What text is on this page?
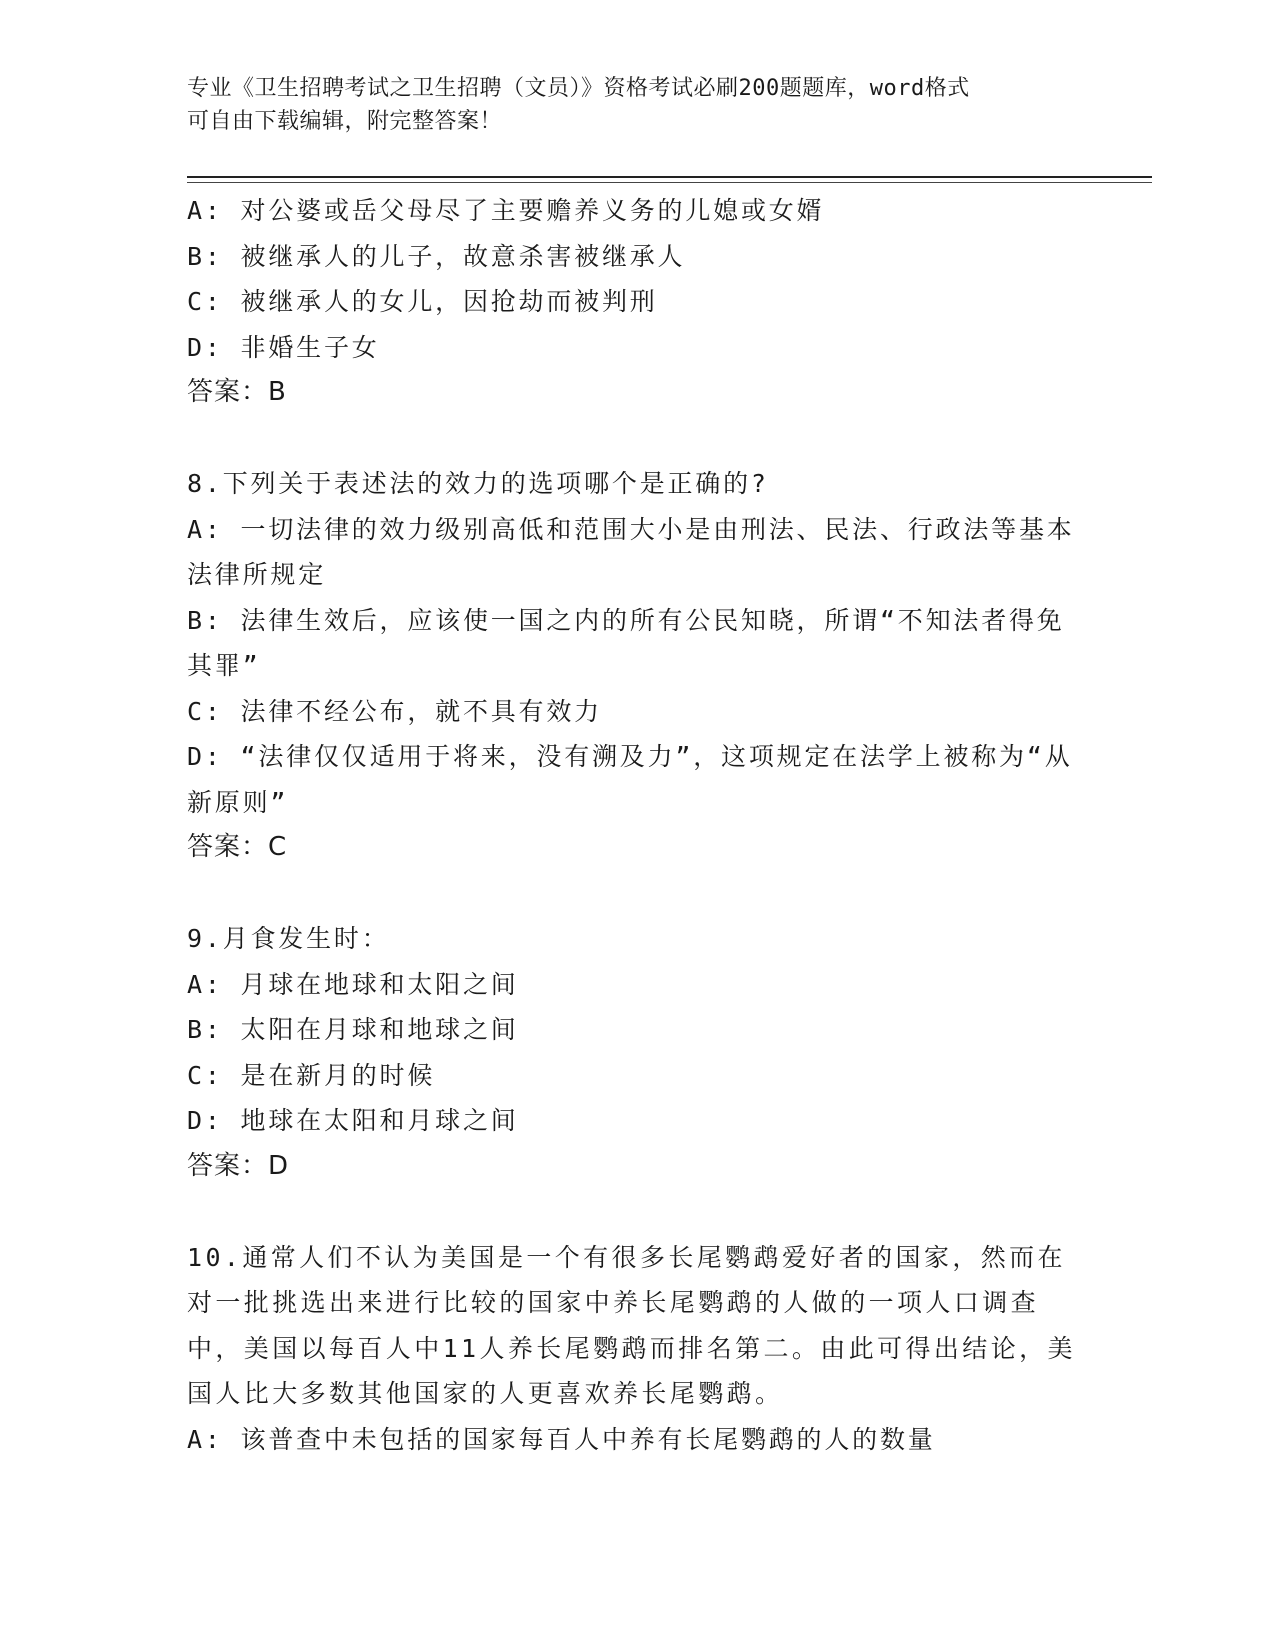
专业《卫生招聘考试之卫生招聘（文员）》资格考试必刷200题题库，word格式
可自由下载编辑，附完整答案！
A: 对公婆或岳父母尽了主要赡养义务的儿媳或女婿
B: 被继承人的儿子，故意杀害被继承人
C: 被继承人的女儿，因抢劫而被判刑
D: 非婚生子女
答案：B
8.下列关于表述法的效力的选项哪个是正确的?
A: 一切法律的效力级别高低和范围大小是由刑法、民法、行政法等基本法律所规定
B: 法律生效后，应该使一国之内的所有公民知晓，所谓“不知法者得免其罪”
C: 法律不经公布，就不具有效力
D: “法律仅仅适用于将来，没有溯及力”，这项规定在法学上被称为“从新原则”
答案：C
9.月食发生时：
A: 月球在地球和太阳之间
B: 太阳在月球和地球之间
C: 是在新月的时候
D: 地球在太阳和月球之间
答案：D
10.通常人们不认为美国是一个有很多长尾鹦鹉爱好者的国家，然而在对一批挑选出来进行比较的国家中养长尾鹦鹉的人做的一项人口调查中，美国以每百人中11人养长尾鹦鹉而排名第二。由此可得出结论，美国人比大多数其他国家的人更喜欢养长尾鹦鹉。
A: 该普查中未包括的国家每百人中养有长尾鹦鹉的人的数量
